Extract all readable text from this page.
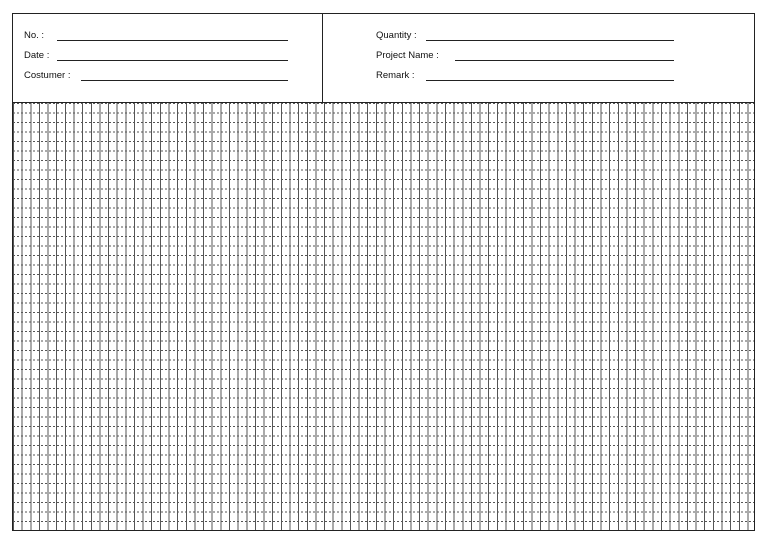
No. :
Date :
Costumer :
Quantity :
Project Name :
Remark :
